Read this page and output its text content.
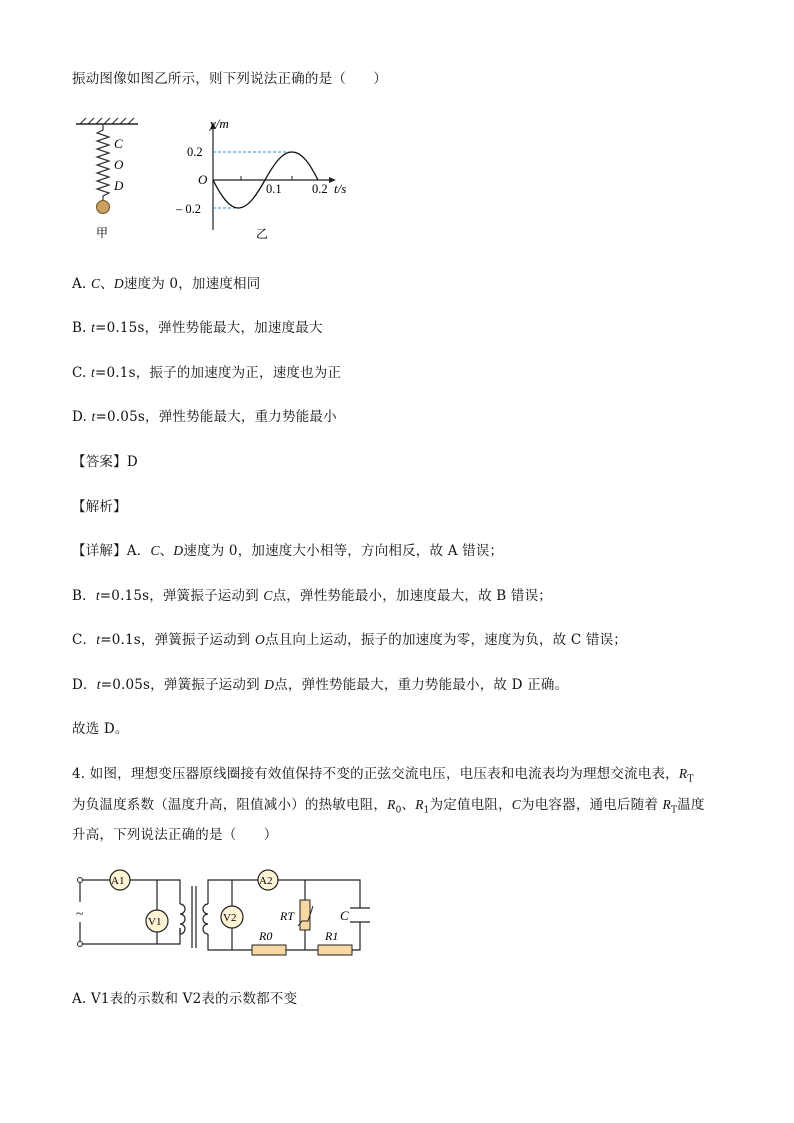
振动图像如图乙所示，则下列说法正确的是（　　）
C
O
D
甲
y/m
O
0.2
– 0.2
0.1 0.2 t/s
乙
A. C、D速度为 0，加速度相同
B. t=0.15s，弹性势能最大，加速度最大
C. t=0.1s，振子的加速度为正，速度也为正
D. t=0.05s，弹性势能最大，重力势能最小
【答案】D
【解析】
【详解】A．C、D速度为 0，加速度大小相等，方向相反，故 A 错误；
B．t=0.15s，弹簧振子运动到 C点，弹性势能最小，加速度最大，故 B 错误；
C．t=0.1s，弹簧振子运动到 O点且向上运动，振子的加速度为零，速度为负，故 C 错误；
D．t=0.05s，弹簧振子运动到 D点，弹性势能最大，重力势能最小，故 D 正确。
故选 D。
4. 如图，理想变压器原线圈接有效值保持不变的正弦交流电压，电压表和电流表均为理想交流电表，$R_T$
为负温度系数（温度升高，阻值减小）的热敏电阻，$R_0$、$R_1$为定值电阻，C为电容器，通电后随着 $R_T$温度
升高，下列说法正确的是（　　）
~
A1
V1
A2
V2	RT
R0	R1
C
A. V1表的示数和 V2表的示数都不变
